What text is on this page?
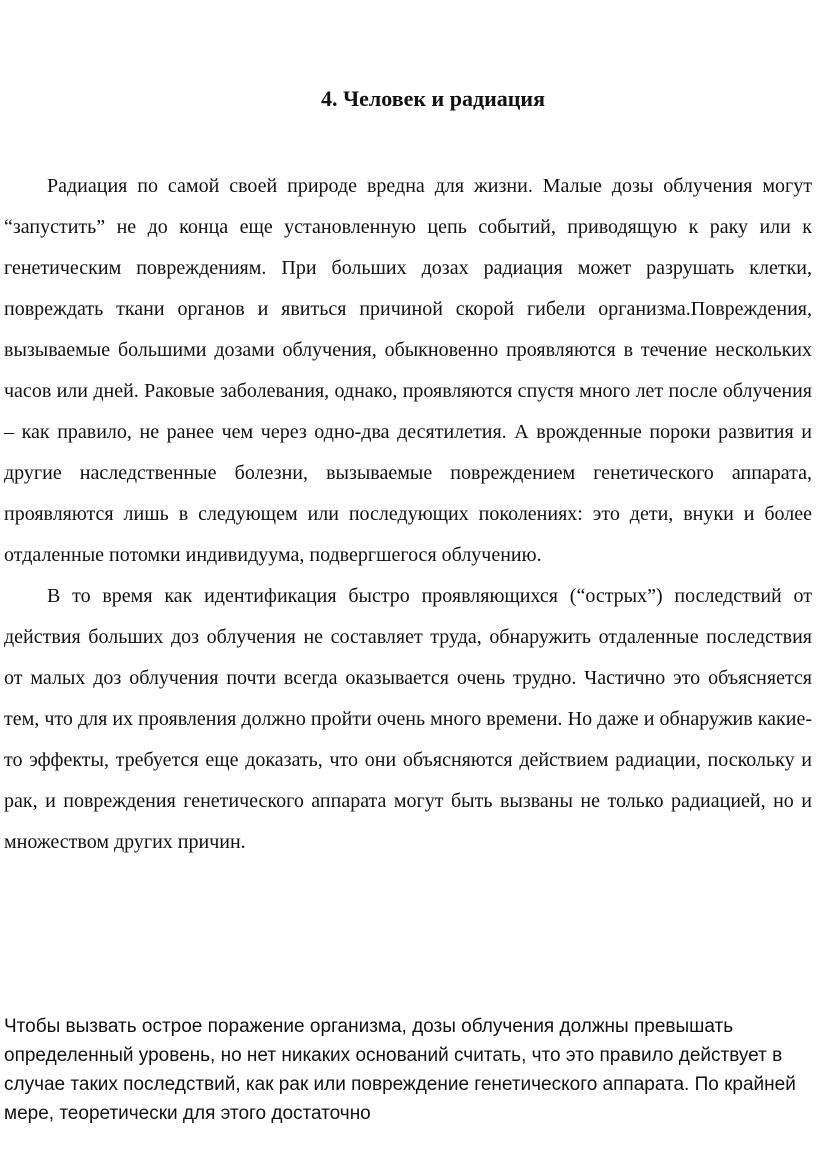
4. Человек и радиация

Радиация по самой своей природе вредна для жизни. Малые дозы облучения могут “запустить” не до конца еще установленную цепь событий, приводящую к раку или к генетическим повреждениям. При больших дозах радиация может разрушать клетки, повреждать ткани органов и явиться причиной скорой гибели организма.Повреждения, вызываемые большими дозами облучения, обыкновенно проявляются в течение нескольких часов или дней. Раковые заболевания, однако, проявляются спустя много лет после облучения – как правило, не ранее чем через одно-два десятилетия. А врожденные пороки развития и другие наследственные болезни, вызываемые повреждением генетического аппарата, проявляются лишь в следующем или последующих поколениях: это дети, внуки и более отдаленные потомки индивидуума, подвергшегося облучению.

В то время как идентификация быстро проявляющихся (“острых”) последствий от действия больших доз облучения не составляет труда, обнаружить отдаленные последствия от малых доз облучения почти всегда оказывается очень трудно. Частично это объясняется тем, что для их проявления должно пройти очень много времени. Но даже и обнаружив какие-то эффекты, требуется еще доказать, что они объясняются действием радиации, поскольку и рак, и повреждения генетического аппарата могут быть вызваны не только радиацией, но и множеством других причин.

Чтобы вызвать острое поражение организма, дозы облучения должны превышать определенный уровень, но нет никаких оснований считать, что это правило действует в случае таких последствий, как рак или повреждение генетического аппарата. По крайней мере, теоретически для этого достаточно
